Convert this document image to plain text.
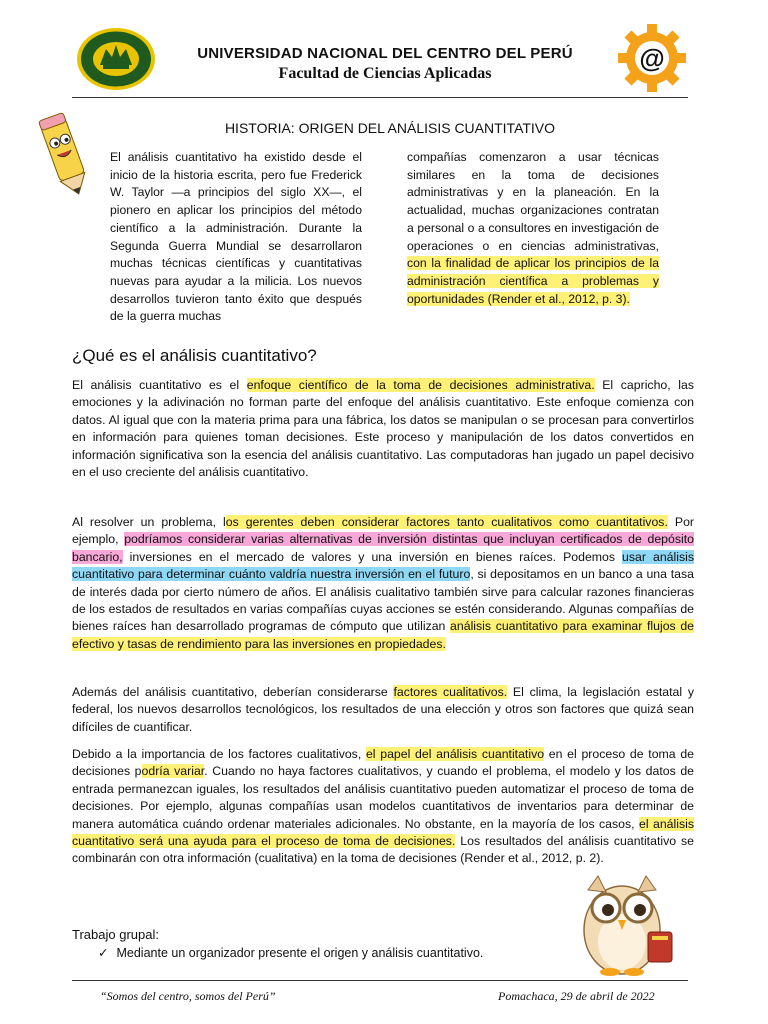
@
UNIVERSIDAD NACIONAL DEL CENTRO DEL PERÚ
Facultad de Ciencias Aplicadas
HISTORIA: ORIGEN DEL ANÁLISIS CUANTITATIVO
El análisis cuantitativo ha existido desde el inicio de la historia escrita, pero fue Frederick W. Taylor —a principios del siglo XX—, el pionero en aplicar los principios del método científico a la administración. Durante la Segunda Guerra Mundial se desarrollaron muchas técnicas científicas y cuantitativas nuevas para ayudar a la milicia. Los nuevos desarrollos tuvieron tanto éxito que después de la guerra muchas
compañías comenzaron a usar técnicas similares en la toma de decisiones administrativas y en la planeación. En la actualidad, muchas organizaciones contratan a personal o a consultores en investigación de operaciones o en ciencias administrativas, con la finalidad de aplicar los principios de la administración científica a problemas y oportunidades (Render et al., 2012, p. 3).
¿Qué es el análisis cuantitativo?

El análisis cuantitativo es el enfoque científico de la toma de decisiones administrativa. El capricho, las emociones y la adivinación no forman parte del enfoque del análisis cuantitativo. Este enfoque comienza con datos. Al igual que con la materia prima para una fábrica, los datos se manipulan o se procesan para convertirlos en información para quienes toman decisiones. Este proceso y manipulación de los datos convertidos en información significativa son la esencia del análisis cuantitativo. Las computadoras han jugado un papel decisivo en el uso creciente del análisis cuantitativo.

Al resolver un problema, los gerentes deben considerar factores tanto cualitativos como cuantitativos. Por ejemplo, podríamos considerar varias alternativas de inversión distintas que incluyan certificados de depósito bancario, inversiones en el mercado de valores y una inversión en bienes raíces. Podemos usar análisis cuantitativo para determinar cuánto valdría nuestra inversión en el futuro, si depositamos en un banco a una tasa de interés dada por cierto número de años. El análisis cualitativo también sirve para calcular razones financieras de los estados de resultados en varias compañías cuyas acciones se estén considerando. Algunas compañías de bienes raíces han desarrollado programas de cómputo que utilizan análisis cuantitativo para examinar flujos de efectivo y tasas de rendimiento para las inversiones en propiedades.

Además del análisis cuantitativo, deberían considerarse factores cualitativos. El clima, la legislación estatal y federal, los nuevos desarrollos tecnológicos, los resultados de una elección y otros son factores que quizá sean difíciles de cuantificar.

Debido a la importancia de los factores cualitativos, el papel del análisis cuantitativo en el proceso de toma de decisiones podría variar. Cuando no haya factores cualitativos, y cuando el problema, el modelo y los datos de entrada permanezcan iguales, los resultados del análisis cuantitativo pueden automatizar el proceso de toma de decisiones. Por ejemplo, algunas compañías usan modelos cuantitativos de inventarios para determinar de manera automática cuándo ordenar materiales adicionales. No obstante, en la mayoría de los casos, el análisis cuantitativo será una ayuda para el proceso de toma de decisiones. Los resultados del análisis cuantitativo se combinarán con otra información (cualitativa) en la toma de decisiones (Render et al., 2012, p. 2).

Trabajo grupal:
✓ Mediante un organizador presente el origen y análisis cuantitativo.
“Somos del centro, somos del Perú”	Pomachaca, 29 de abril de 2022
